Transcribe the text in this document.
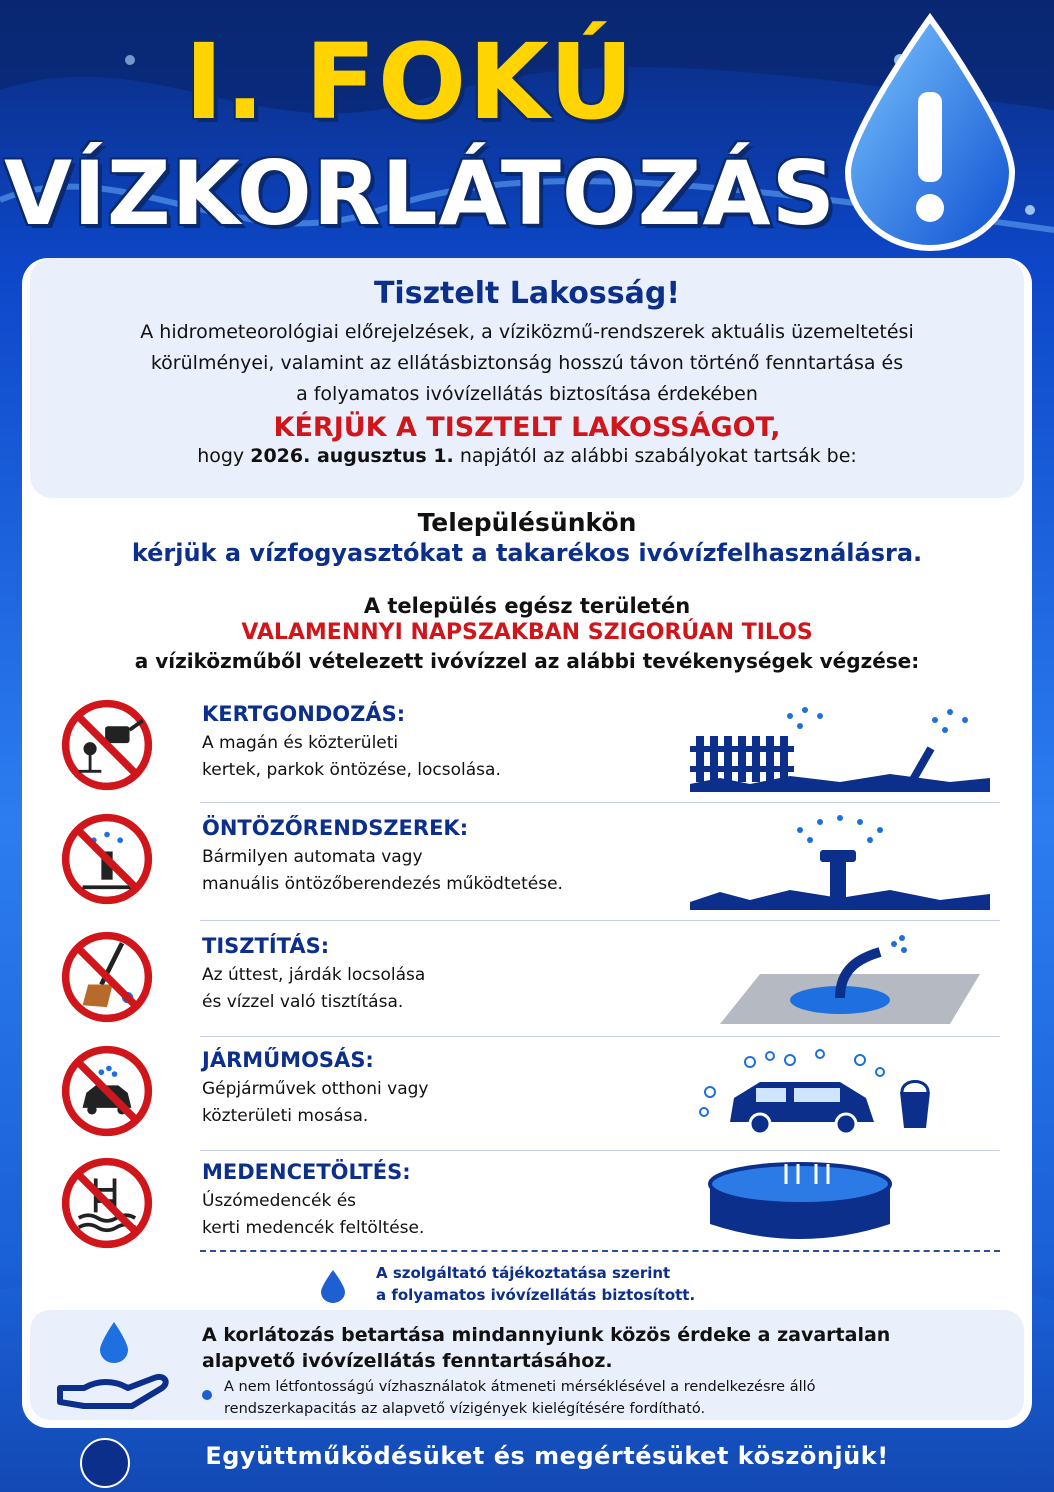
I. FOKÚ
VÍZKORLÁTOZÁS
Tisztelt Lakosság!
A hidrometeorológiai előrejelzések, a víziközmű-rendszerek aktuális üzemeltetési
körülményei, valamint az ellátásbiztonság hosszú távon történő fenntartása és
a folyamatos ivóvízellátás biztosítása érdekében
KÉRJÜK A TISZTELT LAKOSSÁGOT,
hogy 2026. augusztus 1. napjától az alábbi szabályokat tartsák be:
Településünkön
kérjük a vízfogyasztókat a takarékos ivóvízfelhasználásra.
A település egész területén
VALAMENNYI NAPSZAKBAN SZIGORÚAN TILOS
a víziközműből vételezett ivóvízzel az alábbi tevékenységek végzése:
KERTGONDOZÁS:
A magán és közterületi
kertek, parkok öntözése, locsolása.
ÖNTÖZŐRENDSZEREK:
Bármilyen automata vagy
manuális öntözőberendezés működtetése.
TISZTÍTÁS:
Az úttest, járdák locsolása
és vízzel való tisztítása.
JÁRMŰMOSÁS:
Gépjárművek otthoni vagy
közterületi mosása.
MEDENCETÖLTÉS:
Úszómedencék és
kerti medencék feltöltése.
A szolgáltató tájékoztatása szerint
a folyamatos ivóvízellátás biztosított.
A korlátozás betartása mindannyiunk közös érdeke a zavartalan
alapvető ivóvízellátás fenntartásához.
A nem létfontosságú vízhasználatok átmeneti mérséklésével a rendelkezésre álló
rendszerkapacitás az alapvető vízigények kielégítésére fordítható.
Együttműködésüket és megértésüket köszönjük!
